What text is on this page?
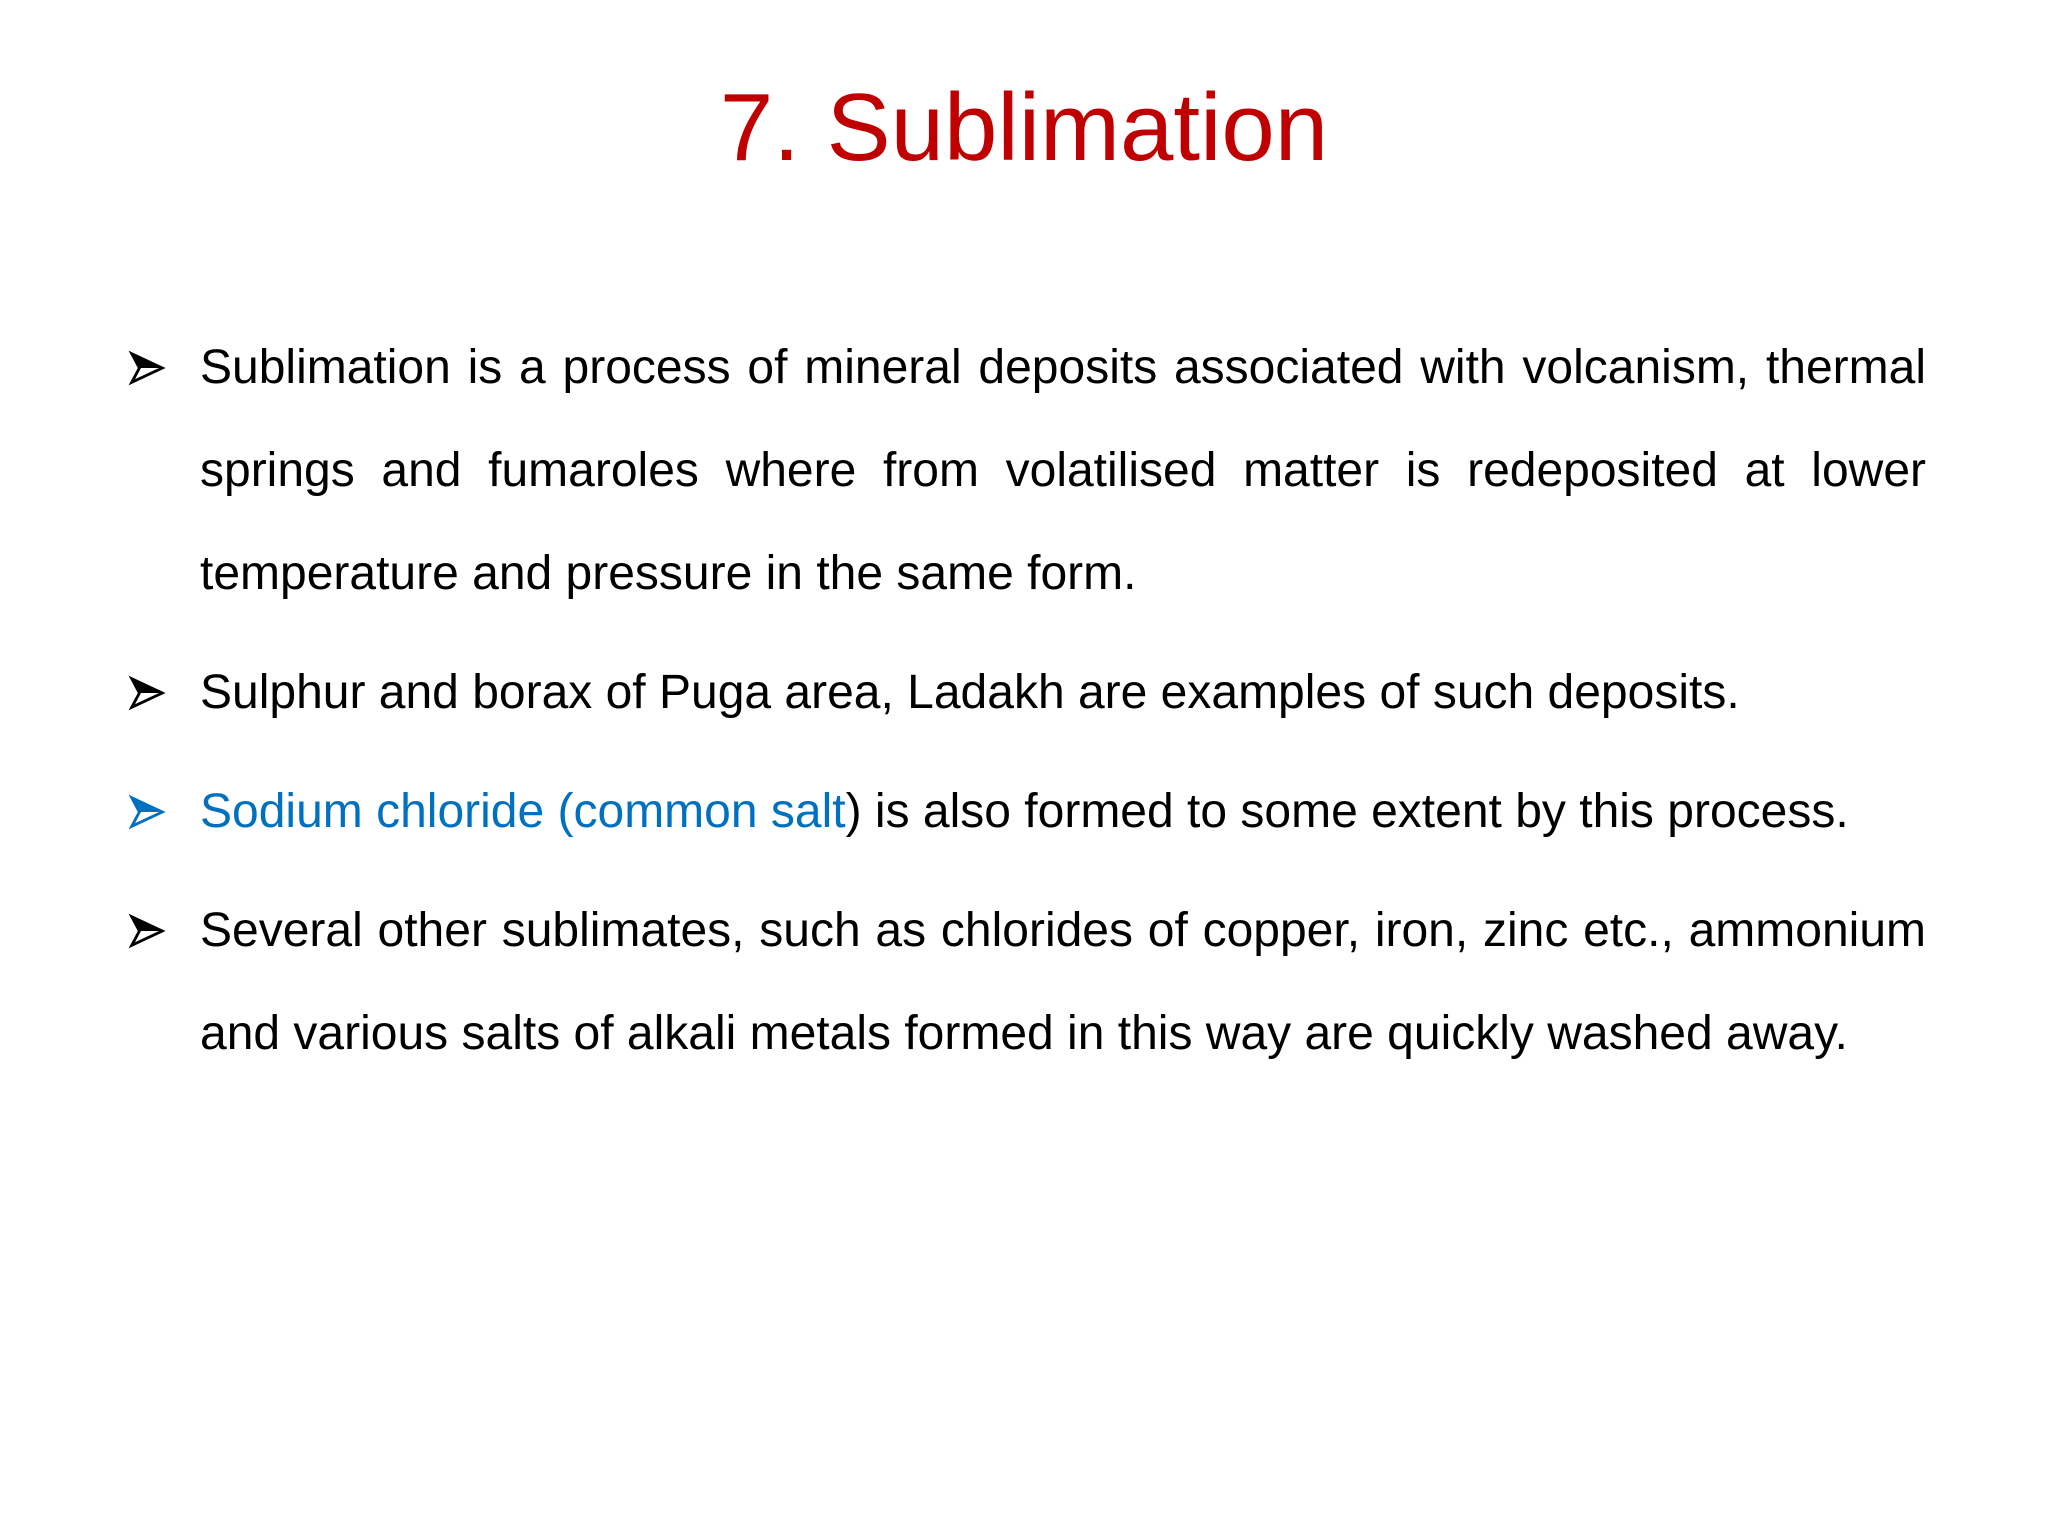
7. Sublimation
Sublimation is a process of mineral deposits associated with volcanism, thermal springs and fumaroles where from volatilised matter is redeposited at lower temperature and pressure in the same form.
Sulphur and borax of Puga area, Ladakh are examples of such deposits.
Sodium chloride (common salt) is also formed to some extent by this process.
Several other sublimates, such as chlorides of copper, iron, zinc etc., ammonium and various salts of alkali metals formed in this way are quickly washed away.
